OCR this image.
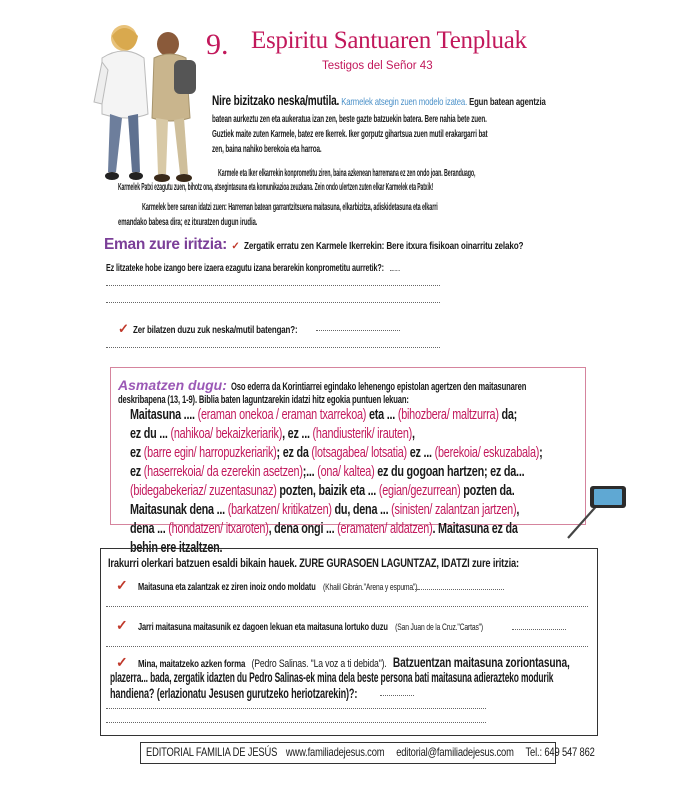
9. Espiritu Santuaren Tenpluak
Testigos del Señor 43
Nire bizitzako neska/mutila. Karmelek atsegin zuen modelo izatea. Egun batean agentzia
batean aurkeztu zen eta aukeratua izan zen, beste gazte batzuekin batera. Bere nahia bete zuen.
Guztiek maite zuten Karmele, batez ere Ikerrek. Iker gorputz gihartsua zuen mutil erakargarri bat
zen, baina nahiko berekoia eta harroa.
Karmele eta Iker elkarrekin konprometitu ziren, baina azkenean harremana ez zen ondo joan. Beranduago,
Karmelek Patxi ezagutu zuen, bihotz ona, atsegintasuna eta komunikazioa zeuzkana. Zein ondo ulertzen zuten elkar Karmelek eta Patxik!
Karmelek bere sarean idatzi zuen: Harreman batean garrantzitsuena maitasuna, elkarbizitza, adiskidetasuna eta elkarri
emandako babesa dira; ez itxuratzen dugun irudia.
Eman zure iritzia: ✓ Zergatik erratu zen Karmele Ikerrekin: Bere itxura fisikoan oinarritu zelako?
Ez litzateke hobe izango bere izaera ezagutu izana berarekin konprometitu aurretik?:
✓ Zer bilatzen duzu zuk neska/mutil batengan?:
Asmatzen dugu: Oso ederra da Korintiarrei egindako lehenengo epistolan agertzen den maitasunaren
deskribapena (13, 1-9). Biblia baten laguntzarekin idatzi hitz egokia puntuen lekuan:
Maitasuna .... (eraman onekoa / eraman txarrekoa) eta ... (bihozbera/ maltzurra) da;
ez du ... (nahikoa/ bekaizkeriarik), ez ... (handiusterik/ irauten),
ez (barre egin/ harropuzkeriarik); ez da (lotsagabea/ lotsatia) ez ... (berekoia/ eskuzabala);
ez (haserrekoia/ da ezerekin asetzen);... (ona/ kaltea) ez du gogoan hartzen; ez da...
(bidegabekeriaz/ zuzentasunaz) pozten, baizik eta ... (egian/gezurrean) pozten da.
Maitasunak dena ... (barkatzen/ kritikatzen) du, dena ... (sinisten/ zalantzan jartzen),
dena ... (hondatzen/ itxaroten), dena ongi ... (eramaten/ aldatzen). Maitasuna ez da
behin ere itzaltzen.
Irakurri olerkari batzuen esaldi bikain hauek. ZURE GURASOEN LAGUNTZAZ, IDATZI zure iritzia:
✓ Maitasuna eta zalantzak ez ziren inoiz ondo moldatu (Khalil Gibrán."Arena y espuma").
✓ Jarri maitasuna maitasunik ez dagoen lekuan eta maitasuna lortuko duzu (San Juan de la Cruz."Cartas")
✓ Mina, maitatzeko azken forma (Pedro Salinas. "La voz a ti debida"). Batzuentzan maitasuna zoriontasuna,
plazerra... bada, zergatik idazten du Pedro Salinas-ek mina dela beste persona bati maitasuna adierazteko modurik
handiena? (erlazionatu Jesusen gurutzeko heriotzarekin)?:
EDITORIAL FAMILIA DE JESÚS www.familiadejesus.com editorial@familiadejesus.com Tel.: 649 547 862
